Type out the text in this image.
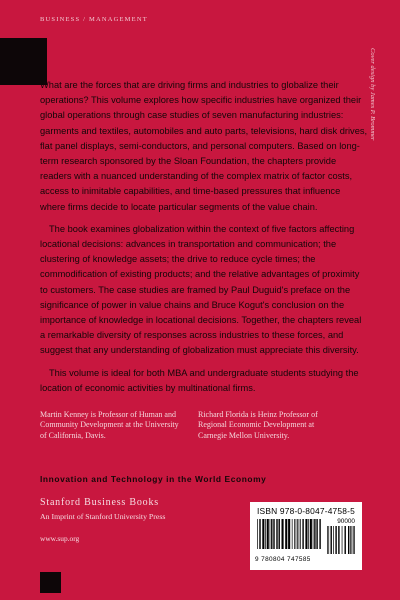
BUSINESS / MANAGEMENT
Cover design by James P. Brommer

What are the forces that are driving firms and industries to globalize their operations? This volume explores how specific industries have organized their global operations through case studies of seven manufacturing industries: garments and textiles, automobiles and auto parts, televisions, hard disk drives, flat panel displays, semi-conductors, and personal computers. Based on long-term research sponsored by the Sloan Foundation, the chapters provide readers with a nuanced understanding of the complex matrix of factor costs, access to inimitable capabilities, and time-based pressures that influence where firms decide to locate particular segments of the value chain.

The book examines globalization within the context of five factors affecting locational decisions: advances in transportation and communication; the clustering of knowledge assets; the drive to reduce cycle times; the commodification of existing products; and the relative advantages of proximity to customers. The case studies are framed by Paul Duguid's preface on the significance of power in value chains and Bruce Kogut's conclusion on the importance of knowledge in locational decisions. Together, the chapters reveal a remarkable diversity of responses across industries to these forces, and suggest that any understanding of globalization must appreciate this diversity.

This volume is ideal for both MBA and undergraduate students studying the location of economic activities by multinational firms.

Martin Kenney is Professor of Human and Community Development at the University of California, Davis.
Richard Florida is Heinz Professor of Regional Economic Development at Carnegie Mellon University.
Innovation and Technology in the World Economy
Stanford Business Books
An Imprint of Stanford University Press
www.sup.org
ISBN 978-0-8047-4758-5
9 780804 747585
90000
